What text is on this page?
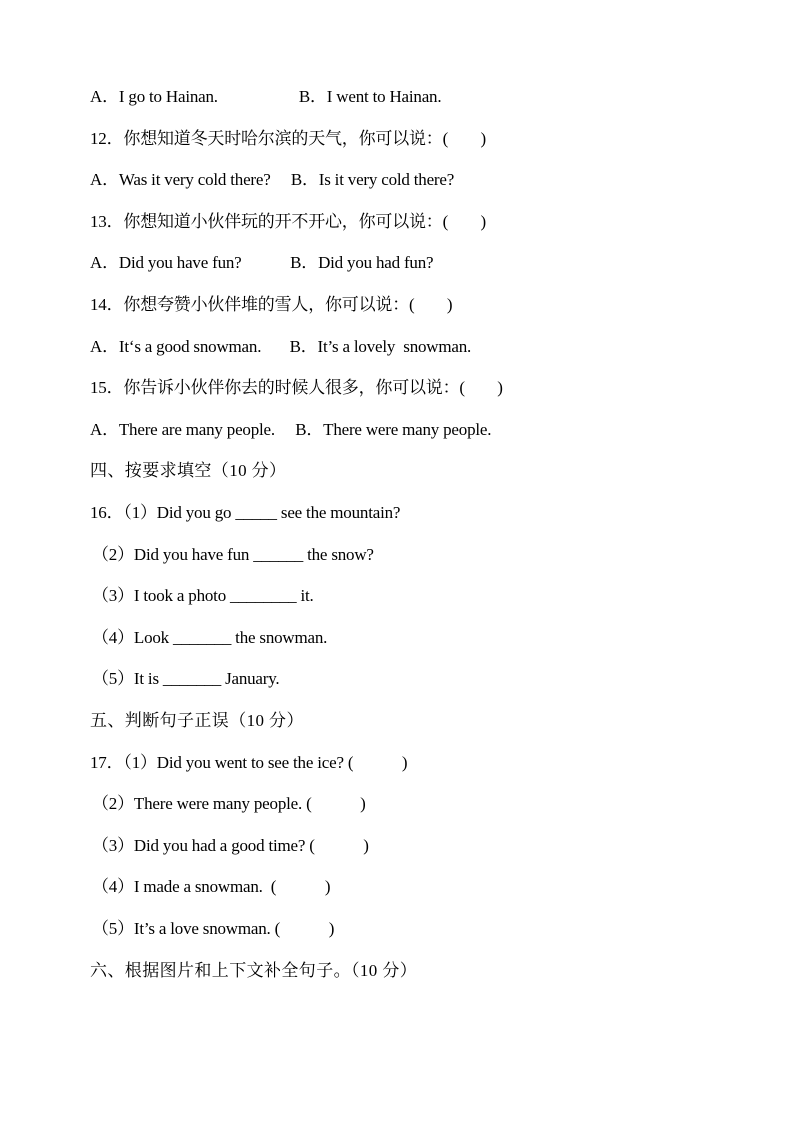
A．I go to Hainan.                    B．I went to Hainan.
12．你想知道冬天时哈尔滨的天气，你可以说：(        )
A．Was it very cold there?     B．Is it very cold there?
13．你想知道小伙伴玩的开不开心，你可以说：(        )
A．Did you have fun?            B．Did you had fun?
14．你想夸赞小伙伴堆的雪人，你可以说：(        )
A．It‘s a good snowman.       B．It’s a lovely  snowman.
15．你告诉小伙伴你去的时候人很多，你可以说：(        )
A．There are many people.     B．There were many people.
四、按要求填空（10 分）
16．（1）Did you go _____ see the mountain?
（2）Did you have fun ______ the snow?
（3）I took a photo ________ it.
（4）Look _______ the snowman.
（5）It is _______ January.
五、判断句子正误（10 分）
17．（1）Did you went to see the ice? (            )
（2）There were many people. (            )
（3）Did you had a good time? (            )
（4）I made a snowman.  (            )
（5）It’s a love snowman. (            )
六、根据图片和上下文补全句子。（10 分）
